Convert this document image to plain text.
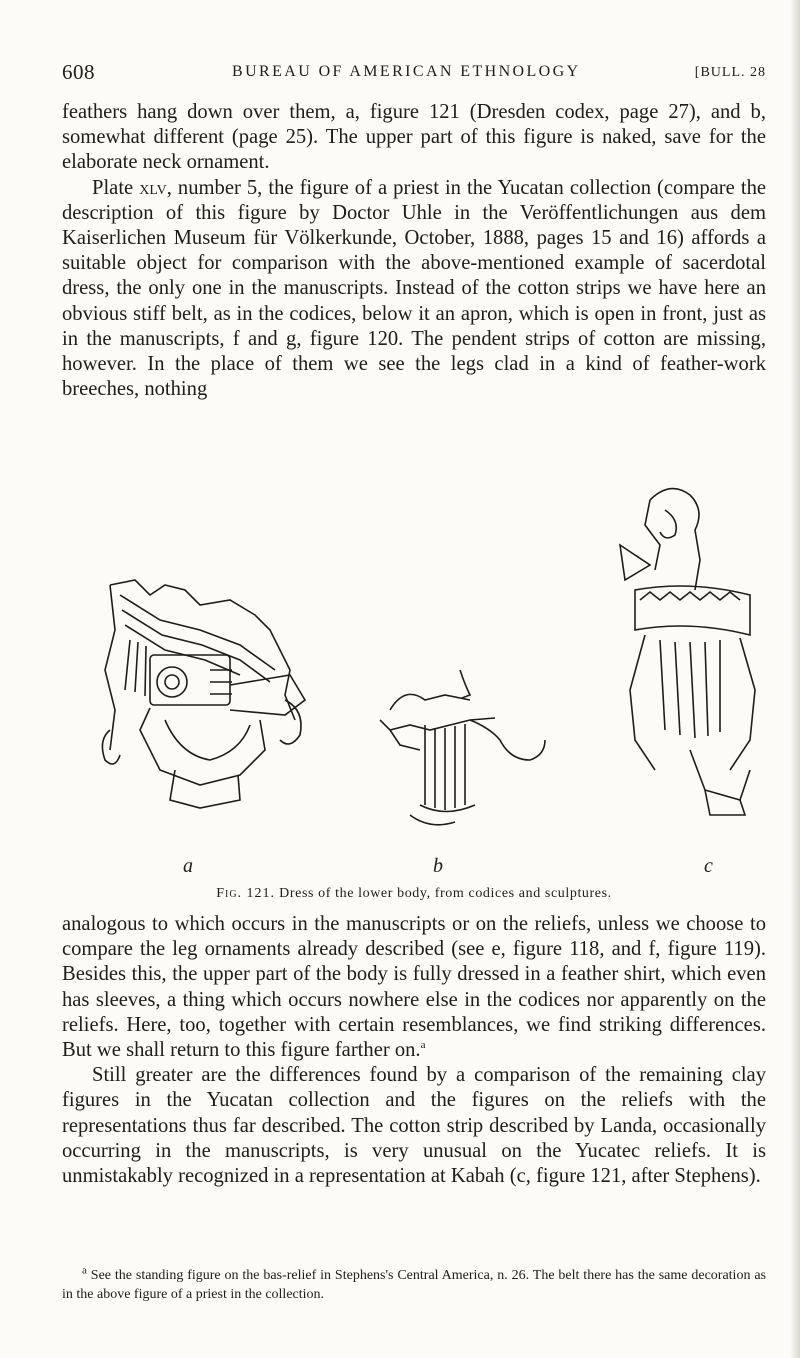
608	BUREAU OF AMERICAN ETHNOLOGY	[BULL. 28

feathers hang down over them, a, figure 121 (Dresden codex, page 27), and b, somewhat different (page 25). The upper part of this figure is naked, save for the elaborate neck ornament.

Plate xlv, number 5, the figure of a priest in the Yucatan collection (compare the description of this figure by Doctor Uhle in the Veröffentlichungen aus dem Kaiserlichen Museum für Völkerkunde, October, 1888, pages 15 and 16) affords a suitable object for comparison with the above-mentioned example of sacerdotal dress, the only one in the manuscripts. Instead of the cotton strips we have here an obvious stiff belt, as in the codices, below it an apron, which is open in front, just as in the manuscripts, f and g, figure 120. The pendent strips of cotton are missing, however. In the place of them we see the legs clad in a kind of feather-work breeches, nothing

a	b	c
Fig. 121. Dress of the lower body, from codices and sculptures.

analogous to which occurs in the manuscripts or on the reliefs, unless we choose to compare the leg ornaments already described (see e, figure 118, and f, figure 119). Besides this, the upper part of the body is fully dressed in a feather shirt, which even has sleeves, a thing which occurs nowhere else in the codices nor apparently on the reliefs. Here, too, together with certain resemblances, we find striking differences. But we shall return to this figure farther on.$^a$

Still greater are the differences found by a comparison of the remaining clay figures in the Yucatan collection and the figures on the reliefs with the representations thus far described. The cotton strip described by Landa, occasionally occurring in the manuscripts, is very unusual on the Yucatec reliefs. It is unmistakably recognized in a representation at Kabah (c, figure 121, after Stephens).

$^a$ See the standing figure on the bas-relief in Stephens's Central America, n. 26. The belt there has the same decoration as in the above figure of a priest in the collection.
